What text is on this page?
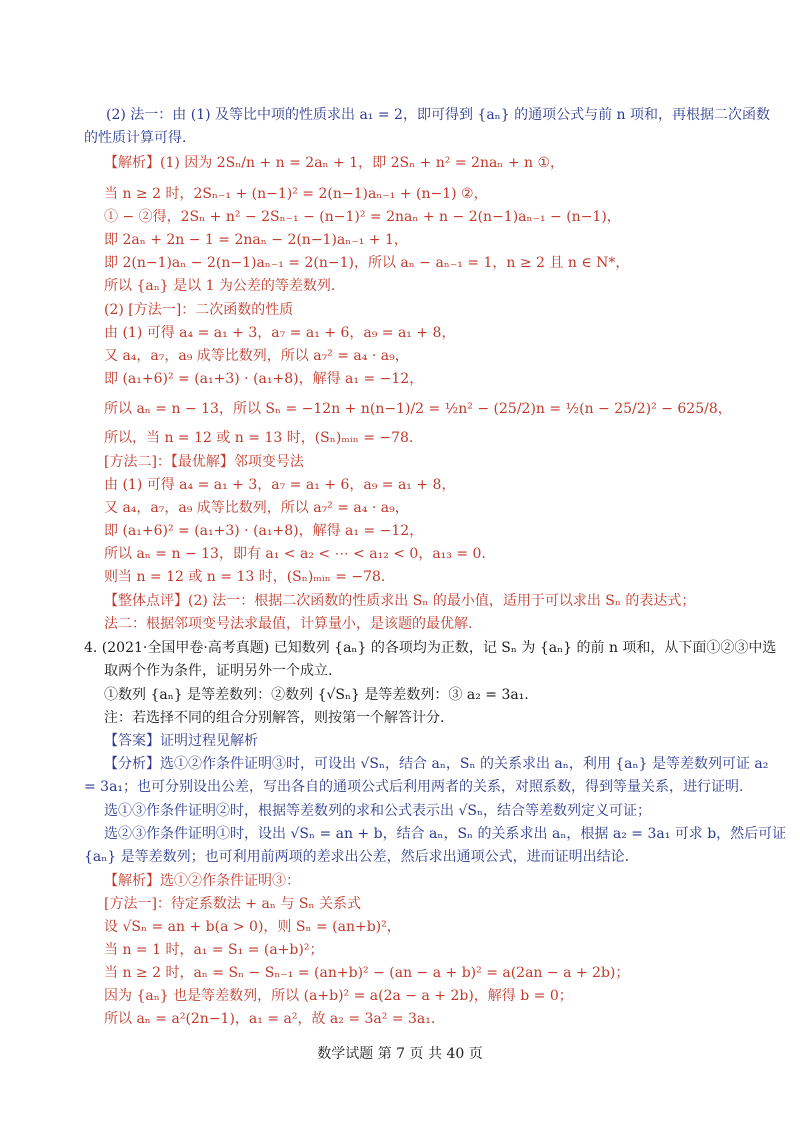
(2) 法一：由 (1) 及等比中项的性质求出 a₁ = 2，即可得到 {aₙ} 的通项公式与前 n 项和，再根据二次函数
的性质计算可得.
【解析】(1) 因为 2Sₙ/n + n = 2aₙ + 1，即 2Sₙ + n² = 2naₙ + n ①，
当 n ≥ 2 时，2Sₙ₋₁ + (n−1)² = 2(n−1)aₙ₋₁ + (n−1) ②，
① − ②得，2Sₙ + n² − 2Sₙ₋₁ − (n−1)² = 2naₙ + n − 2(n−1)aₙ₋₁ − (n−1)，
即 2aₙ + 2n − 1 = 2naₙ − 2(n−1)aₙ₋₁ + 1，
即 2(n−1)aₙ − 2(n−1)aₙ₋₁ = 2(n−1)，所以 aₙ − aₙ₋₁ = 1，n ≥ 2 且 n ∈ N*，
所以 {aₙ} 是以 1 为公差的等差数列.
(2) [方法一]：二次函数的性质
由 (1) 可得 a₄ = a₁ + 3，a₇ = a₁ + 6，a₉ = a₁ + 8，
又 a₄，a₇，a₉ 成等比数列，所以 a₇² = a₄ · a₉，
即 (a₁+6)² = (a₁+3) · (a₁+8)，解得 a₁ = −12，
所以 aₙ = n − 13，所以 Sₙ = −12n + n(n−1)/2 = ½n² − (25/2)n = ½(n − 25/2)² − 625/8，
所以，当 n = 12 或 n = 13 时，(Sₙ)ₘᵢₙ = −78.
[方法二]：【最优解】邻项变号法
由 (1) 可得 a₄ = a₁ + 3，a₇ = a₁ + 6，a₉ = a₁ + 8，
又 a₄，a₇，a₉ 成等比数列，所以 a₇² = a₄ · a₉，
即 (a₁+6)² = (a₁+3) · (a₁+8)，解得 a₁ = −12，
所以 aₙ = n − 13，即有 a₁ < a₂ < ⋯ < a₁₂ < 0，a₁₃ = 0.
则当 n = 12 或 n = 13 时，(Sₙ)ₘᵢₙ = −78.
【整体点评】(2) 法一：根据二次函数的性质求出 Sₙ 的最小值，适用于可以求出 Sₙ 的表达式；
法二：根据邻项变号法求最值，计算量小，是该题的最优解.
4. (2021·全国甲卷·高考真题) 已知数列 {aₙ} 的各项均为正数，记 Sₙ 为 {aₙ} 的前 n 项和，从下面①②③中选
取两个作为条件，证明另外一个成立.
①数列 {aₙ} 是等差数列：②数列 {√Sₙ} 是等差数列：③ a₂ = 3a₁.
注：若选择不同的组合分别解答，则按第一个解答计分.
【答案】证明过程见解析
【分析】选①②作条件证明③时，可设出 √Sₙ，结合 aₙ，Sₙ 的关系求出 aₙ，利用 {aₙ} 是等差数列可证 a₂
= 3a₁；也可分别设出公差，写出各自的通项公式后利用两者的关系，对照系数，得到等量关系，进行证明.
选①③作条件证明②时，根据等差数列的求和公式表示出 √Sₙ，结合等差数列定义可证；
选②③作条件证明①时，设出 √Sₙ = an + b，结合 aₙ，Sₙ 的关系求出 aₙ，根据 a₂ = 3a₁ 可求 b，然后可证
{aₙ} 是等差数列；也可利用前两项的差求出公差，然后求出通项公式，进而证明出结论.
【解析】选①②作条件证明③：
[方法一]：待定系数法 + aₙ 与 Sₙ 关系式
设 √Sₙ = an + b(a > 0)，则 Sₙ = (an+b)²，
当 n = 1 时，a₁ = S₁ = (a+b)²；
当 n ≥ 2 时，aₙ = Sₙ − Sₙ₋₁ = (an+b)² − (an − a + b)² = a(2an − a + 2b)；
因为 {aₙ} 也是等差数列，所以 (a+b)² = a(2a − a + 2b)，解得 b = 0；
所以 aₙ = a²(2n−1)，a₁ = a²，故 a₂ = 3a² = 3a₁.
数学试题 第 7 页 共 40 页
